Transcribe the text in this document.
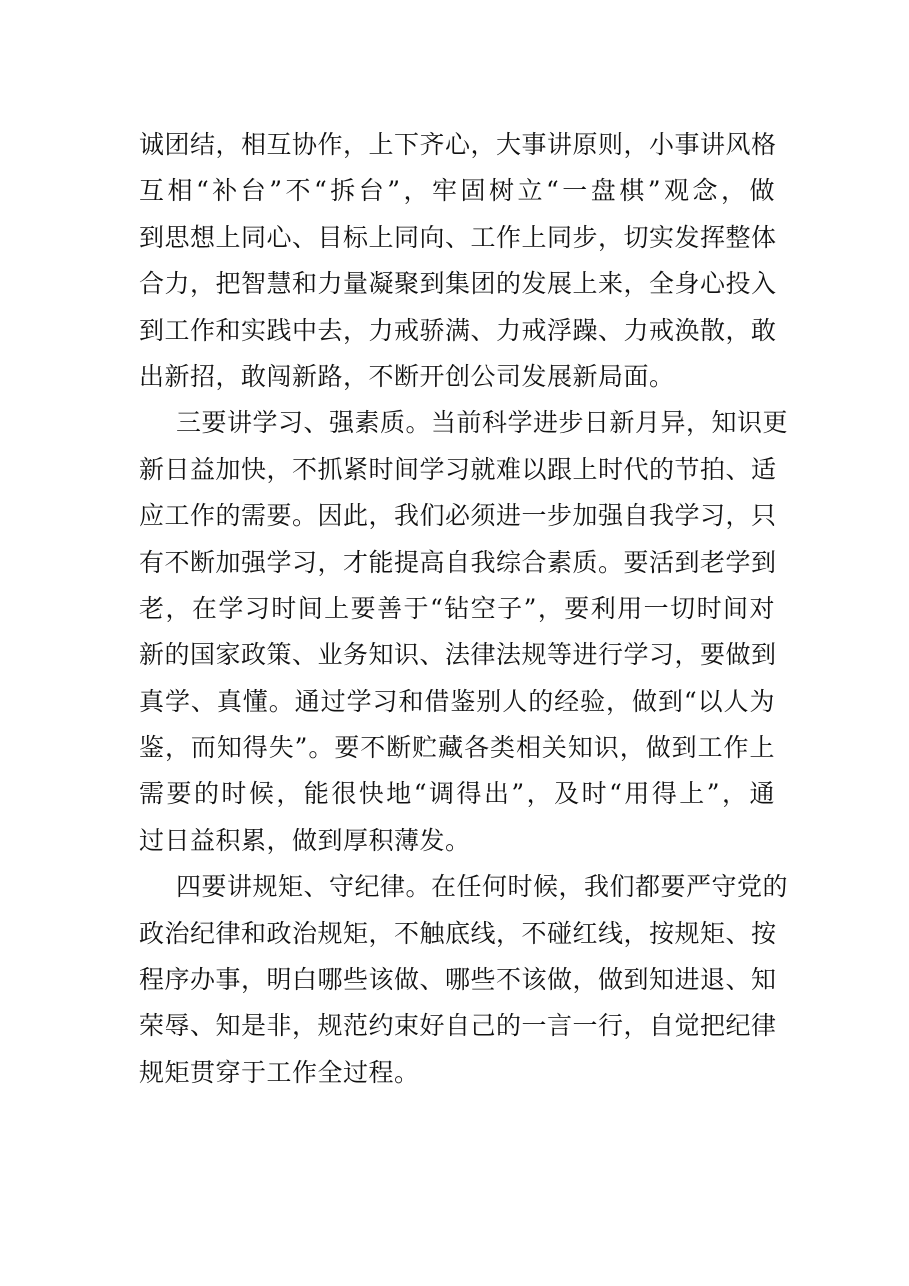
诚团结，相互协作，上下齐心，大事讲原则，小事讲风格
互相“补台”不“拆台”，牢固树立“一盘棋”观念，做
到思想上同心、目标上同向、工作上同步，切实发挥整体
合力，把智慧和力量凝聚到集团的发展上来，全身心投入
到工作和实践中去，力戒骄满、力戒浮躁、力戒涣散，敢
出新招，敢闯新路，不断开创公司发展新局面。
三要讲学习、强素质。当前科学进步日新月异，知识更
新日益加快，不抓紧时间学习就难以跟上时代的节拍、适
应工作的需要。因此，我们必须进一步加强自我学习，只
有不断加强学习，才能提高自我综合素质。要活到老学到
老，在学习时间上要善于“钻空子”，要利用一切时间对
新的国家政策、业务知识、法律法规等进行学习，要做到
真学、真懂。通过学习和借鉴别人的经验，做到“以人为
鉴，而知得失”。要不断贮藏各类相关知识，做到工作上
需要的时候，能很快地“调得出”，及时“用得上”，通
过日益积累，做到厚积薄发。
四要讲规矩、守纪律。在任何时候，我们都要严守党的
政治纪律和政治规矩，不触底线，不碰红线，按规矩、按
程序办事，明白哪些该做、哪些不该做，做到知进退、知
荣辱、知是非，规范约束好自己的一言一行，自觉把纪律
规矩贯穿于工作全过程。
